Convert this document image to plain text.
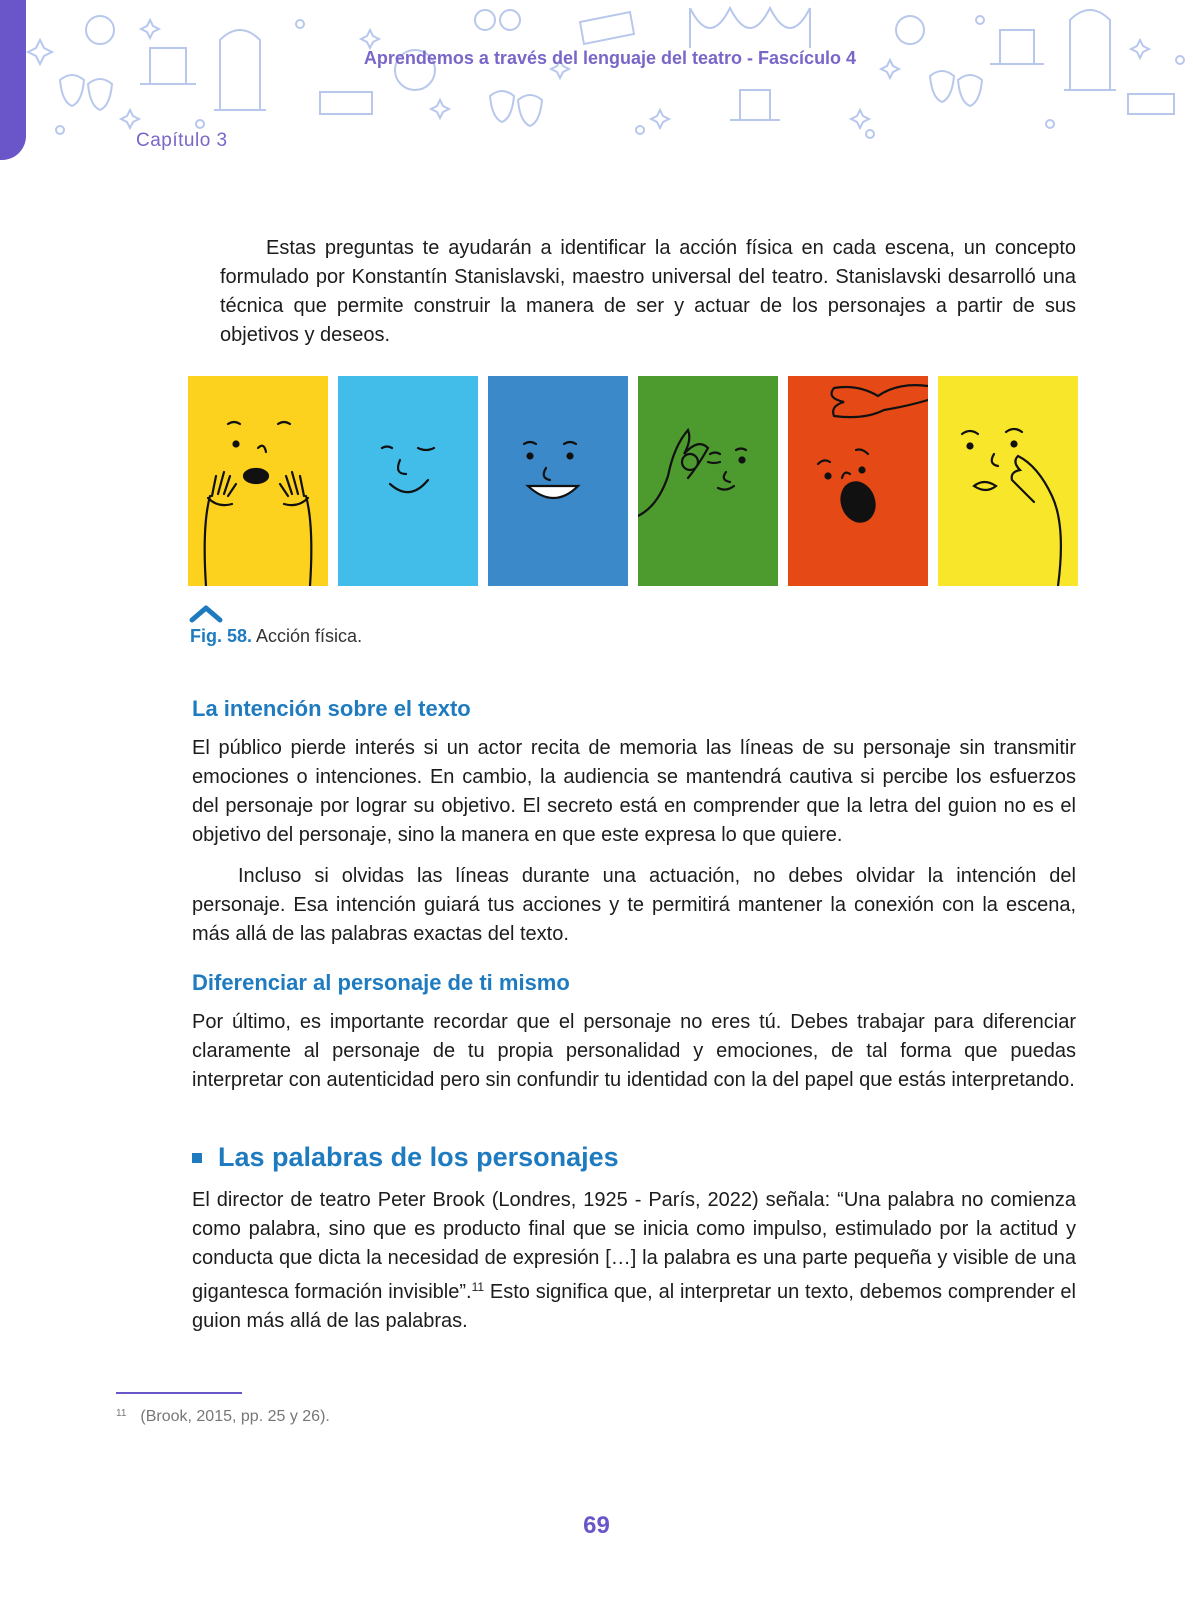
Aprendemos a través del lenguaje del teatro - Fascículo 4
Capítulo 3

Estas preguntas te ayudarán a identificar la acción física en cada escena, un concepto formulado por Konstantín Stanislavski, maestro universal del teatro. Stanislavski desarrolló una técnica que permite construir la manera de ser y actuar de los personajes a partir de sus objetivos y deseos.

Fig. 58. Acción física.
La intención sobre el texto

El público pierde interés si un actor recita de memoria las líneas de su personaje sin transmitir emociones o intenciones. En cambio, la audiencia se mantendrá cautiva si percibe los esfuerzos del personaje por lograr su objetivo. El secreto está en comprender que la letra del guion no es el objetivo del personaje, sino la manera en que este expresa lo que quiere.

Incluso si olvidas las líneas durante una actuación, no debes olvidar la intención del personaje. Esa intención guiará tus acciones y te permitirá mantener la conexión con la escena, más allá de las palabras exactas del texto.

Diferenciar al personaje de ti mismo

Por último, es importante recordar que el personaje no eres tú. Debes trabajar para diferenciar claramente al personaje de tu propia personalidad y emociones, de tal forma que puedas interpretar con autenticidad pero sin confundir tu identidad con la del papel que estás interpretando.

Las palabras de los personajes

El director de teatro Peter Brook (Londres, 1925 - París, 2022) señala: “Una palabra no comienza como palabra, sino que es producto final que se inicia como impulso, estimulado por la actitud y conducta que dicta la necesidad de expresión […] la palabra es una parte pequeña y visible de una gigantesca formación invisible”.$^{11}$ Esto significa que, al interpretar un texto, debemos comprender el guion más allá de las palabras.

$^{11}$ (Brook, 2015, pp. 25 y 26).
69
